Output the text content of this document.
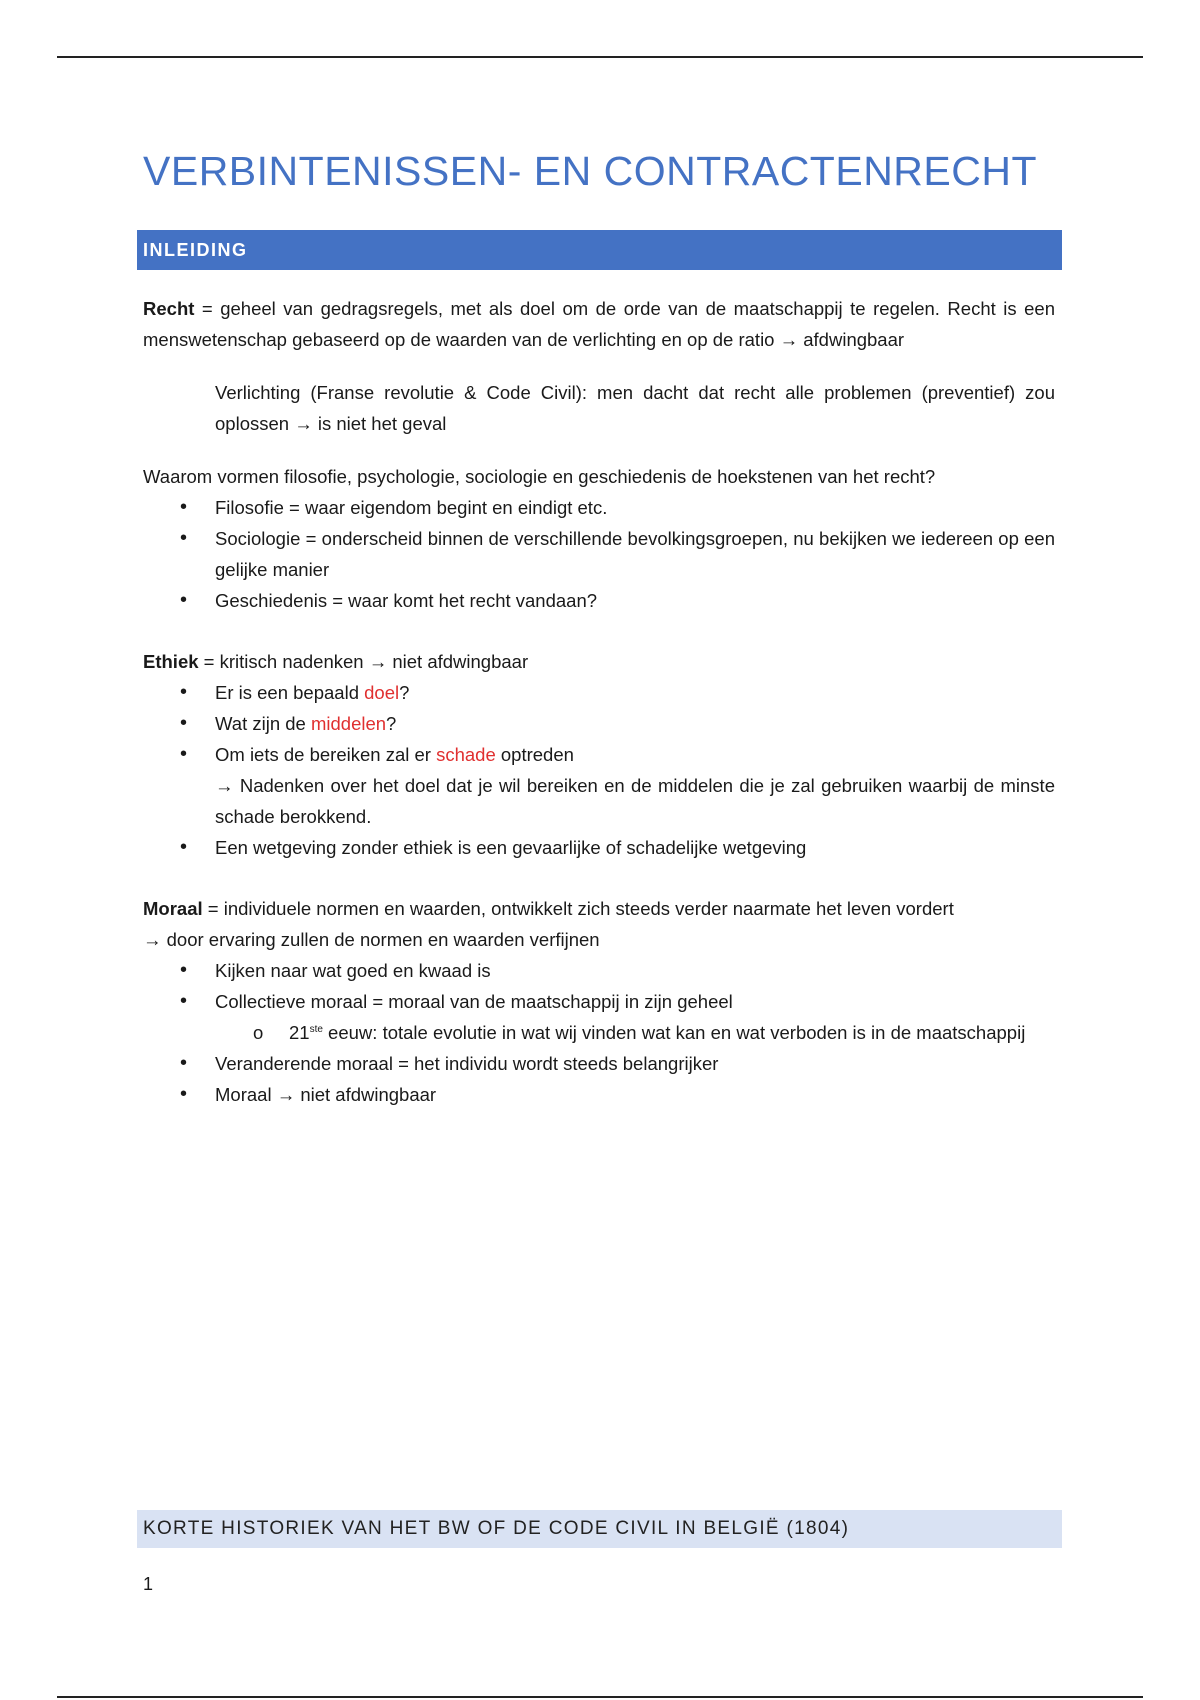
VERBINTENISSEN- EN CONTRACTENRECHT
INLEIDING

Recht = geheel van gedragsregels, met als doel om de orde van de maatschappij te regelen. Recht is een menswetenschap gebaseerd op de waarden van de verlichting en op de ratio → afdwingbaar

Verlichting (Franse revolutie & Code Civil): men dacht dat recht alle problemen (preventief) zou oplossen → is niet het geval

Waarom vormen filosofie, psychologie, sociologie en geschiedenis de hoekstenen van het recht?

• Filosofie = waar eigendom begint en eindigt etc.
• Sociologie = onderscheid binnen de verschillende bevolkingsgroepen, nu bekijken we iedereen op een gelijke manier
• Geschiedenis = waar komt het recht vandaan?

Ethiek = kritisch nadenken → niet afdwingbaar

• Er is een bepaald doel?
• Wat zijn de middelen?
• Om iets de bereiken zal er schade optreden
→ Nadenken over het doel dat je wil bereiken en de middelen die je zal gebruiken waarbij de minste schade berokkend.
• Een wetgeving zonder ethiek is een gevaarlijke of schadelijke wetgeving

Moraal = individuele normen en waarden, ontwikkelt zich steeds verder naarmate het leven vordert

→ door ervaring zullen de normen en waarden verfijnen

• Kijken naar wat goed en kwaad is
• Collectieve moraal = moraal van de maatschappij in zijn geheel
o 21ste eeuw: totale evolutie in wat wij vinden wat kan en wat verboden is in de maatschappij
• Veranderende moraal = het individu wordt steeds belangrijker
• Moraal → niet afdwingbaar
KORTE HISTORIEK VAN HET BW OF DE CODE CIVIL IN BELGIË (1804)
1
